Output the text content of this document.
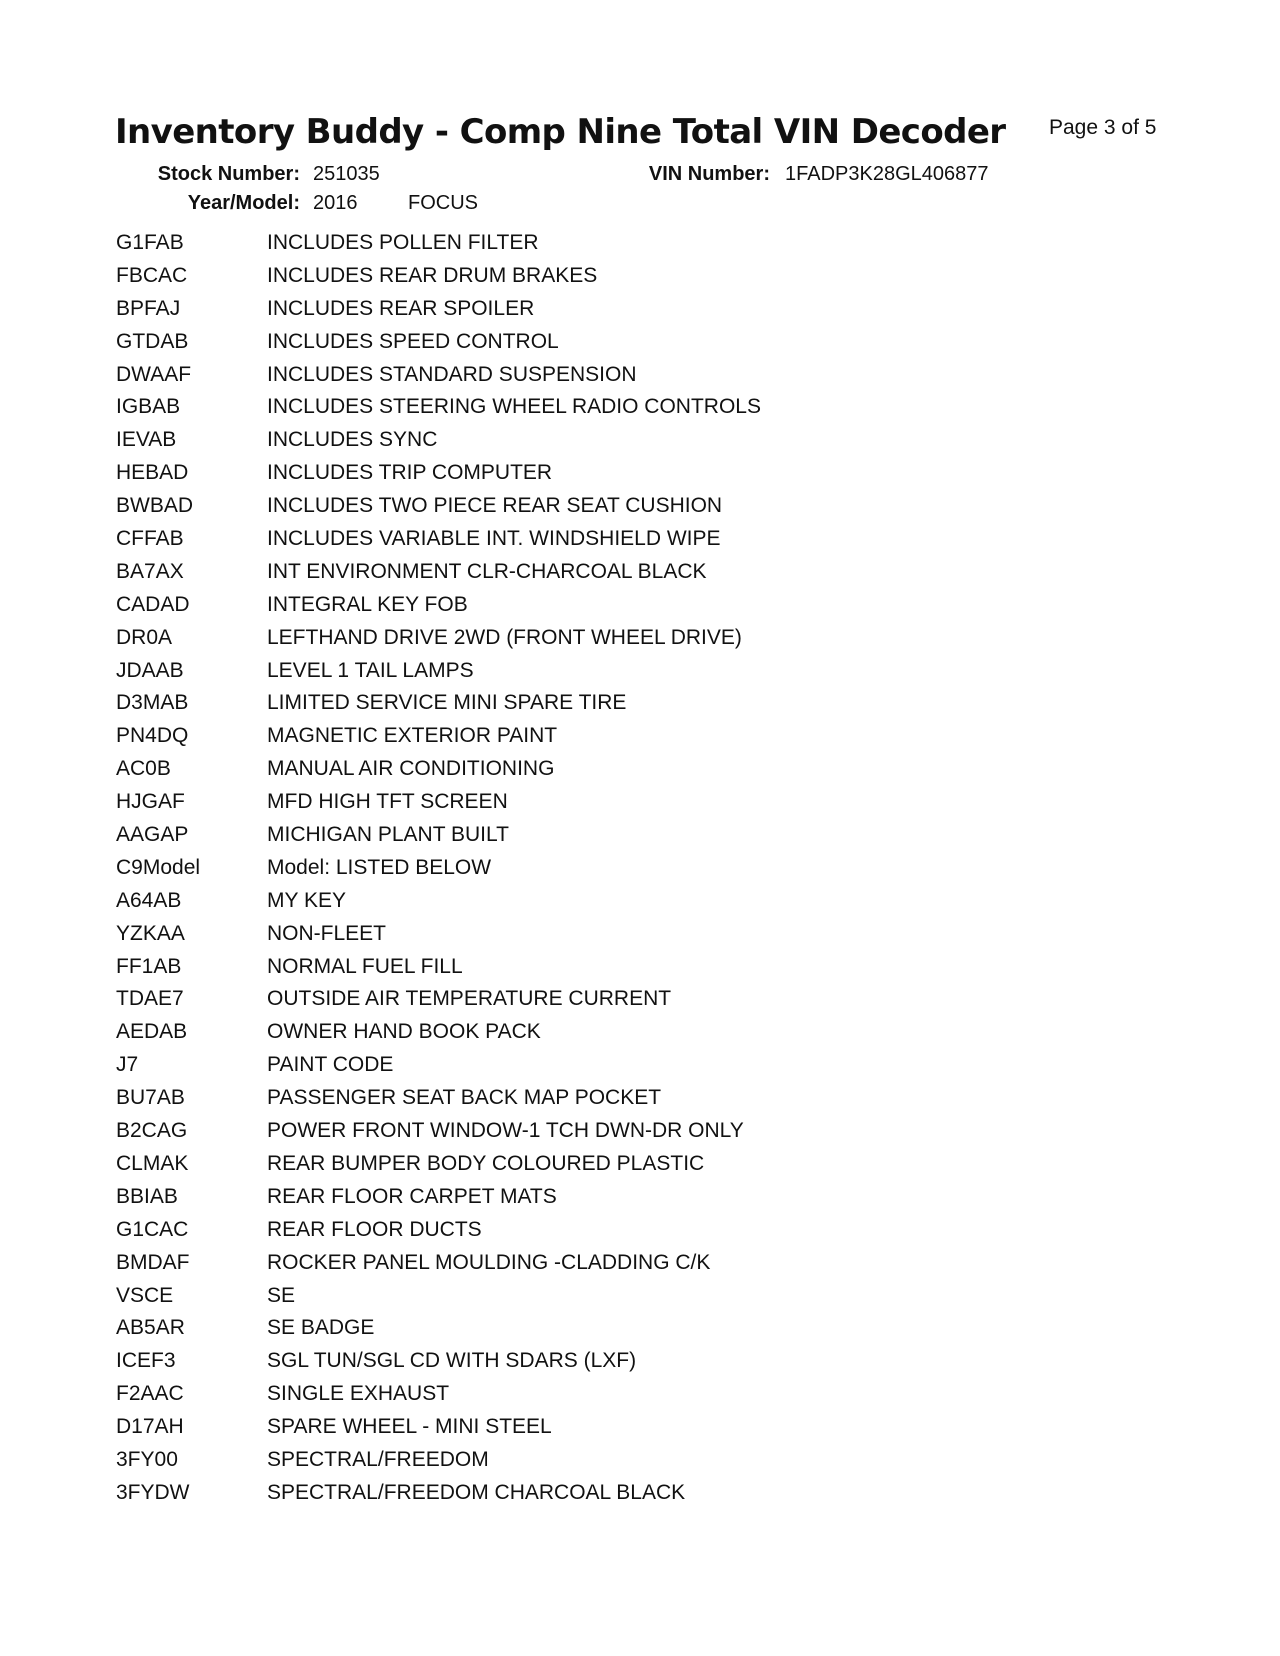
Inventory Buddy - Comp Nine Total VIN Decoder Page 3 of 5
Stock Number: 251035	VIN Number: 1FADP3K28GL406877
Year/Model: 2016	FOCUS
G1FAB	INCLUDES POLLEN FILTER
FBCAC	INCLUDES REAR DRUM BRAKES
BPFAJ	INCLUDES REAR SPOILER
GTDAB	INCLUDES SPEED CONTROL
DWAAF	INCLUDES STANDARD SUSPENSION
IGBAB	INCLUDES STEERING WHEEL RADIO CONTROLS
IEVAB	INCLUDES SYNC
HEBAD	INCLUDES TRIP COMPUTER
BWBAD	INCLUDES TWO PIECE REAR SEAT CUSHION
CFFAB	INCLUDES VARIABLE INT. WINDSHIELD WIPE
BA7AX	INT ENVIRONMENT CLR-CHARCOAL BLACK
CADAD	INTEGRAL KEY FOB
DR0A	LEFTHAND DRIVE 2WD (FRONT WHEEL DRIVE)
JDAAB	LEVEL 1 TAIL LAMPS
D3MAB	LIMITED SERVICE MINI SPARE TIRE
PN4DQ	MAGNETIC EXTERIOR PAINT
AC0B	MANUAL AIR CONDITIONING
HJGAF	MFD HIGH TFT SCREEN
AAGAP	MICHIGAN PLANT BUILT
C9Model	Model: LISTED BELOW
A64AB	MY KEY
YZKAA	NON-FLEET
FF1AB	NORMAL FUEL FILL
TDAE7	OUTSIDE AIR TEMPERATURE CURRENT
AEDAB	OWNER HAND BOOK PACK
J7	PAINT CODE
BU7AB	PASSENGER SEAT BACK MAP POCKET
B2CAG	POWER FRONT WINDOW-1 TCH DWN-DR ONLY
CLMAK	REAR BUMPER BODY COLOURED PLASTIC
BBIAB	REAR FLOOR CARPET MATS
G1CAC	REAR FLOOR DUCTS
BMDAF	ROCKER PANEL MOULDING -CLADDING C/K
VSCE	SE
AB5AR	SE BADGE
ICEF3	SGL TUN/SGL CD WITH SDARS (LXF)
F2AAC	SINGLE EXHAUST
D17AH	SPARE WHEEL - MINI STEEL
3FY00	SPECTRAL/FREEDOM
3FYDW	SPECTRAL/FREEDOM CHARCOAL BLACK
